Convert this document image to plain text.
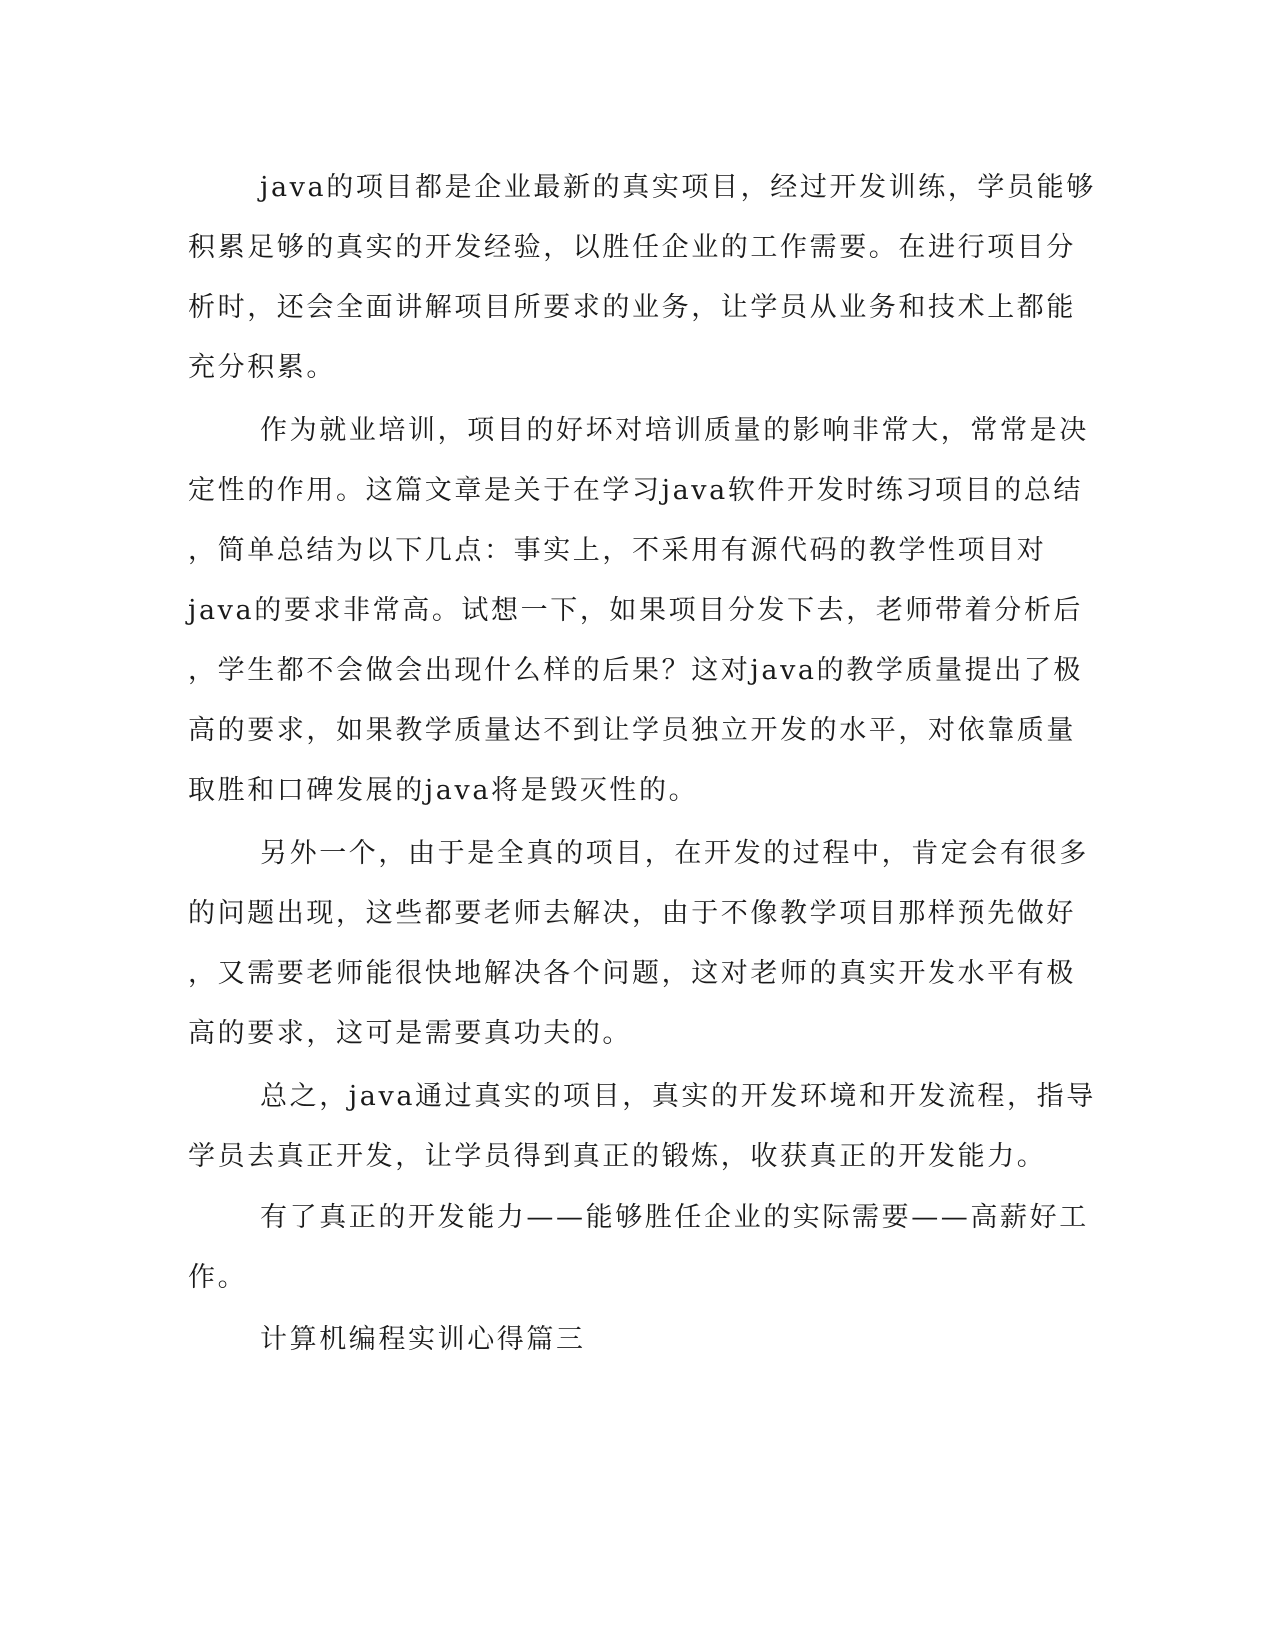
java的项目都是企业最新的真实项目，经过开发训练，学员能够
积累足够的真实的开发经验，以胜任企业的工作需要。在进行项目分
析时，还会全面讲解项目所要求的业务，让学员从业务和技术上都能
充分积累。
作为就业培训，项目的好坏对培训质量的影响非常大，常常是决
定性的作用。这篇文章是关于在学习java软件开发时练习项目的总结
，简单总结为以下几点：事实上，不采用有源代码的教学性项目对
java的要求非常高。试想一下，如果项目分发下去，老师带着分析后
，学生都不会做会出现什么样的后果？这对java的教学质量提出了极
高的要求，如果教学质量达不到让学员独立开发的水平，对依靠质量
取胜和口碑发展的java将是毁灭性的。
另外一个，由于是全真的项目，在开发的过程中，肯定会有很多
的问题出现，这些都要老师去解决，由于不像教学项目那样预先做好
，又需要老师能很快地解决各个问题，这对老师的真实开发水平有极
高的要求，这可是需要真功夫的。
总之，java通过真实的项目，真实的开发环境和开发流程，指导
学员去真正开发，让学员得到真正的锻炼，收获真正的开发能力。
有了真正的开发能力——能够胜任企业的实际需要——高薪好工
作。
计算机编程实训心得篇三
